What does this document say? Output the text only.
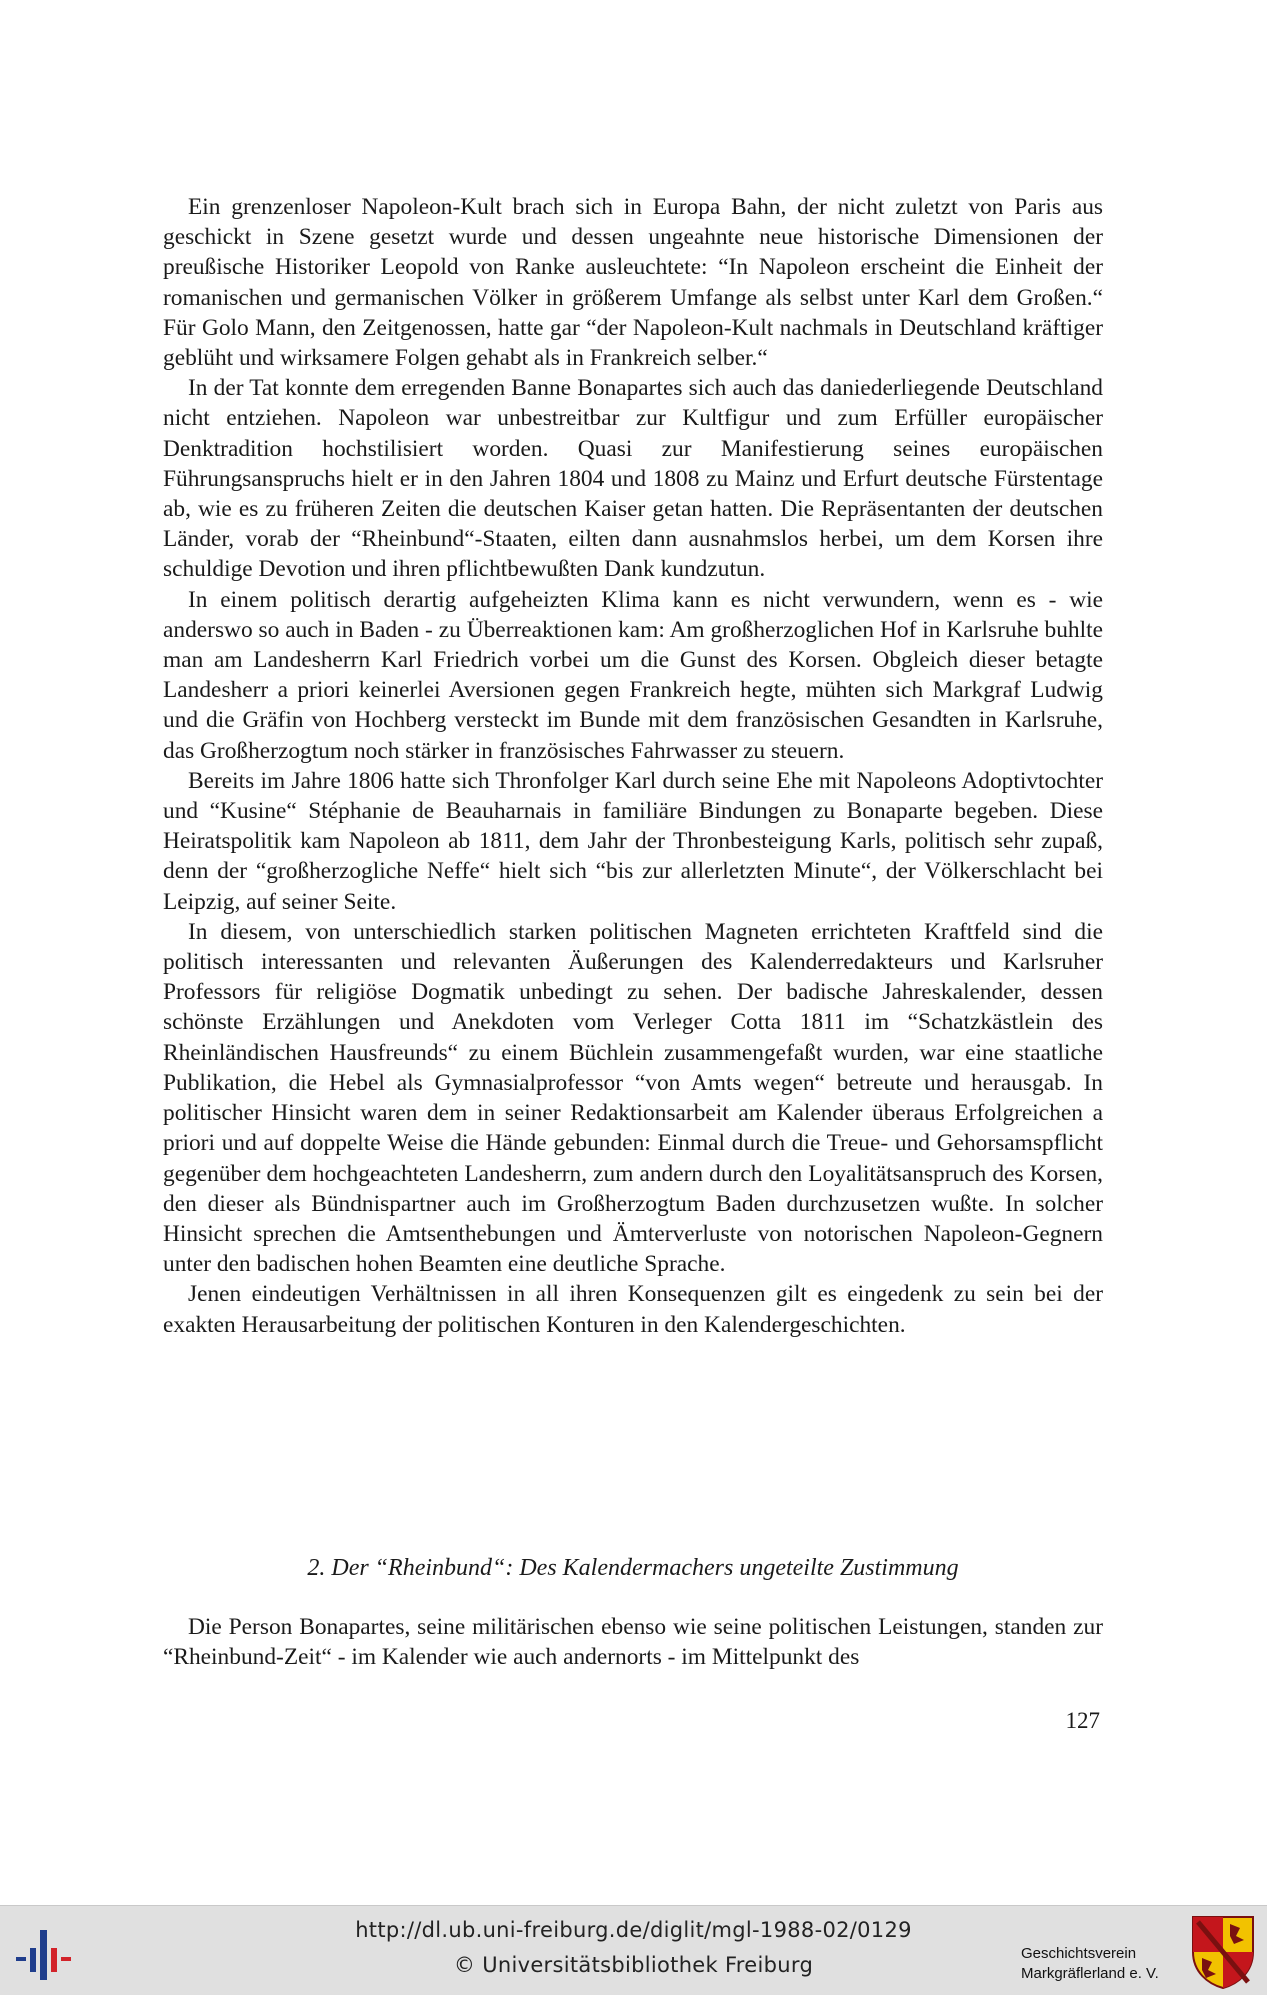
Ein grenzenloser Napoleon-Kult brach sich in Europa Bahn, der nicht zuletzt von Paris aus geschickt in Szene gesetzt wurde und dessen ungeahnte neue historische Dimensionen der preußische Historiker Leopold von Ranke ausleuchtete: “In Napoleon erscheint die Einheit der romanischen und germanischen Völker in größerem Umfange als selbst unter Karl dem Großen.“ Für Golo Mann, den Zeitgenossen, hatte gar “der Napoleon-Kult nachmals in Deutschland kräftiger geblüht und wirksamere Folgen gehabt als in Frankreich selber.“

In der Tat konnte dem erregenden Banne Bonapartes sich auch das daniederliegende Deutschland nicht entziehen. Napoleon war unbestreitbar zur Kultfigur und zum Erfüller europäischer Denktradition hochstilisiert worden. Quasi zur Manifestierung seines europäischen Führungsanspruchs hielt er in den Jahren 1804 und 1808 zu Mainz und Erfurt deutsche Fürstentage ab, wie es zu früheren Zeiten die deutschen Kaiser getan hatten. Die Repräsentanten der deutschen Länder, vorab der “Rheinbund“-Staaten, eilten dann ausnahmslos herbei, um dem Korsen ihre schuldige Devotion und ihren pflichtbewußten Dank kundzutun.

In einem politisch derartig aufgeheizten Klima kann es nicht verwundern, wenn es - wie anderswo so auch in Baden - zu Überreaktionen kam: Am großherzoglichen Hof in Karlsruhe buhlte man am Landesherrn Karl Friedrich vorbei um die Gunst des Korsen. Obgleich dieser betagte Landesherr a priori keinerlei Aversionen gegen Frankreich hegte, mühten sich Markgraf Ludwig und die Gräfin von Hochberg versteckt im Bunde mit dem französischen Gesandten in Karlsruhe, das Großherzogtum noch stärker in französisches Fahrwasser zu steuern.

Bereits im Jahre 1806 hatte sich Thronfolger Karl durch seine Ehe mit Napoleons Adoptivtochter und “Kusine“ Stéphanie de Beauharnais in familiäre Bindungen zu Bonaparte begeben. Diese Heiratspolitik kam Napoleon ab 1811, dem Jahr der Thronbesteigung Karls, politisch sehr zupaß, denn der “großherzogliche Neffe“ hielt sich “bis zur allerletzten Minute“, der Völkerschlacht bei Leipzig, auf seiner Seite.

In diesem, von unterschiedlich starken politischen Magneten errichteten Kraftfeld sind die politisch interessanten und relevanten Äußerungen des Kalenderredakteurs und Karlsruher Professors für religiöse Dogmatik unbedingt zu sehen. Der badische Jahreskalender, dessen schönste Erzählungen und Anekdoten vom Verleger Cotta 1811 im “Schatzkästlein des Rheinländischen Hausfreunds“ zu einem Büchlein zusammengefaßt wurden, war eine staatliche Publikation, die Hebel als Gymnasialprofessor “von Amts wegen“ betreute und herausgab. In politischer Hinsicht waren dem in seiner Redaktionsarbeit am Kalender überaus Erfolgreichen a priori und auf doppelte Weise die Hände gebunden: Einmal durch die Treue- und Gehorsamspflicht gegenüber dem hochgeachteten Landesherrn, zum andern durch den Loyalitätsanspruch des Korsen, den dieser als Bündnispartner auch im Großherzogtum Baden durchzusetzen wußte. In solcher Hinsicht sprechen die Amtsenthebungen und Ämterverluste von notorischen Napoleon-Gegnern unter den badischen hohen Beamten eine deutliche Sprache.

Jenen eindeutigen Verhältnissen in all ihren Konsequenzen gilt es eingedenk zu sein bei der exakten Herausarbeitung der politischen Konturen in den Kalendergeschichten.

2. Der “Rheinbund“: Des Kalendermachers ungeteilte Zustimmung

Die Person Bonapartes, seine militärischen ebenso wie seine politischen Leistungen, standen zur “Rheinbund-Zeit“ - im Kalender wie auch andernorts - im Mittelpunkt des

127
http://dl.ub.uni-freiburg.de/diglit/mgl-1988-02/0129
© Universitätsbibliothek Freiburg	Geschichtsverein
Markgräflerland e. V.
